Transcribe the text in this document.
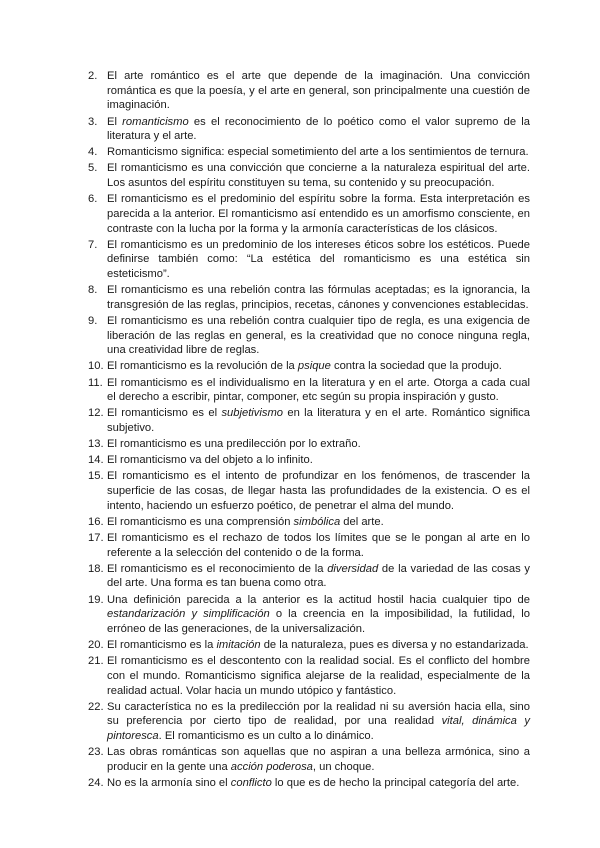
2. El arte romántico es el arte que depende de la imaginación. Una convicción romántica es que la poesía, y el arte en general, son principalmente una cuestión de imaginación.
3. El romanticismo es el reconocimiento de lo poético como el valor supremo de la literatura y el arte.
4. Romanticismo significa: especial sometimiento del arte a los sentimientos de ternura.
5. El romanticismo es una convicción que concierne a la naturaleza espiritual del arte. Los asuntos del espíritu constituyen su tema, su contenido y su preocupación.
6. El romanticismo es el predominio del espíritu sobre la forma. Esta interpretación es parecida a la anterior. El romanticismo así entendido es un amorfismo consciente, en contraste con la lucha por la forma y la armonía características de los clásicos.
7. El romanticismo es un predominio de los intereses éticos sobre los estéticos. Puede definirse también como: “La estética del romanticismo es una estética sin esteticismo”.
8. El romanticismo es una rebelión contra las fórmulas aceptadas; es la ignorancia, la transgresión de las reglas, principios, recetas, cánones y convenciones establecidas.
9. El romanticismo es una rebelión contra cualquier tipo de regla, es una exigencia de liberación de las reglas en general, es la creatividad que no conoce ninguna regla, una creatividad libre de reglas.
10. El romanticismo es la revolución de la psique contra la sociedad que la produjo.
11. El romanticismo es el individualismo en la literatura y en el arte. Otorga a cada cual el derecho a escribir, pintar, componer, etc según su propia inspiración y gusto.
12. El romanticismo es el subjetivismo en la literatura y en el arte. Romántico significa subjetivo.
13. El romanticismo es una predilección por lo extraño.
14. El romanticismo va del objeto a lo infinito.
15. El romanticismo es el intento de profundizar en los fenómenos, de trascender la superficie de las cosas, de llegar hasta las profundidades de la existencia. O es el intento, haciendo un esfuerzo poético, de penetrar el alma del mundo.
16. El romanticismo es una comprensión simbólica del arte.
17. El romanticismo es el rechazo de todos los límites que se le pongan al arte en lo referente a la selección del contenido o de la forma.
18. El romanticismo es el reconocimiento de la diversidad de la variedad de las cosas y del arte. Una forma es tan buena como otra.
19. Una definición parecida a la anterior es la actitud hostil hacia cualquier tipo de estandarización y simplificación o la creencia en la imposibilidad, la futilidad, lo erróneo de las generaciones, de la universalización.
20. El romanticismo es la imitación de la naturaleza, pues es diversa y no estandarizada.
21. El romanticismo es el descontento con la realidad social. Es el conflicto del hombre con el mundo. Romanticismo significa alejarse de la realidad, especialmente de la realidad actual. Volar hacia un mundo utópico y fantástico.
22. Su característica no es la predilección por la realidad ni su aversión hacia ella, sino su preferencia por cierto tipo de realidad, por una realidad vital, dinámica y pintoresca. El romanticismo es un culto a lo dinámico.
23. Las obras románticas son aquellas que no aspiran a una belleza armónica, sino a producir en la gente una acción poderosa, un choque.
24. No es la armonía sino el conflicto lo que es de hecho la principal categoría del arte.
